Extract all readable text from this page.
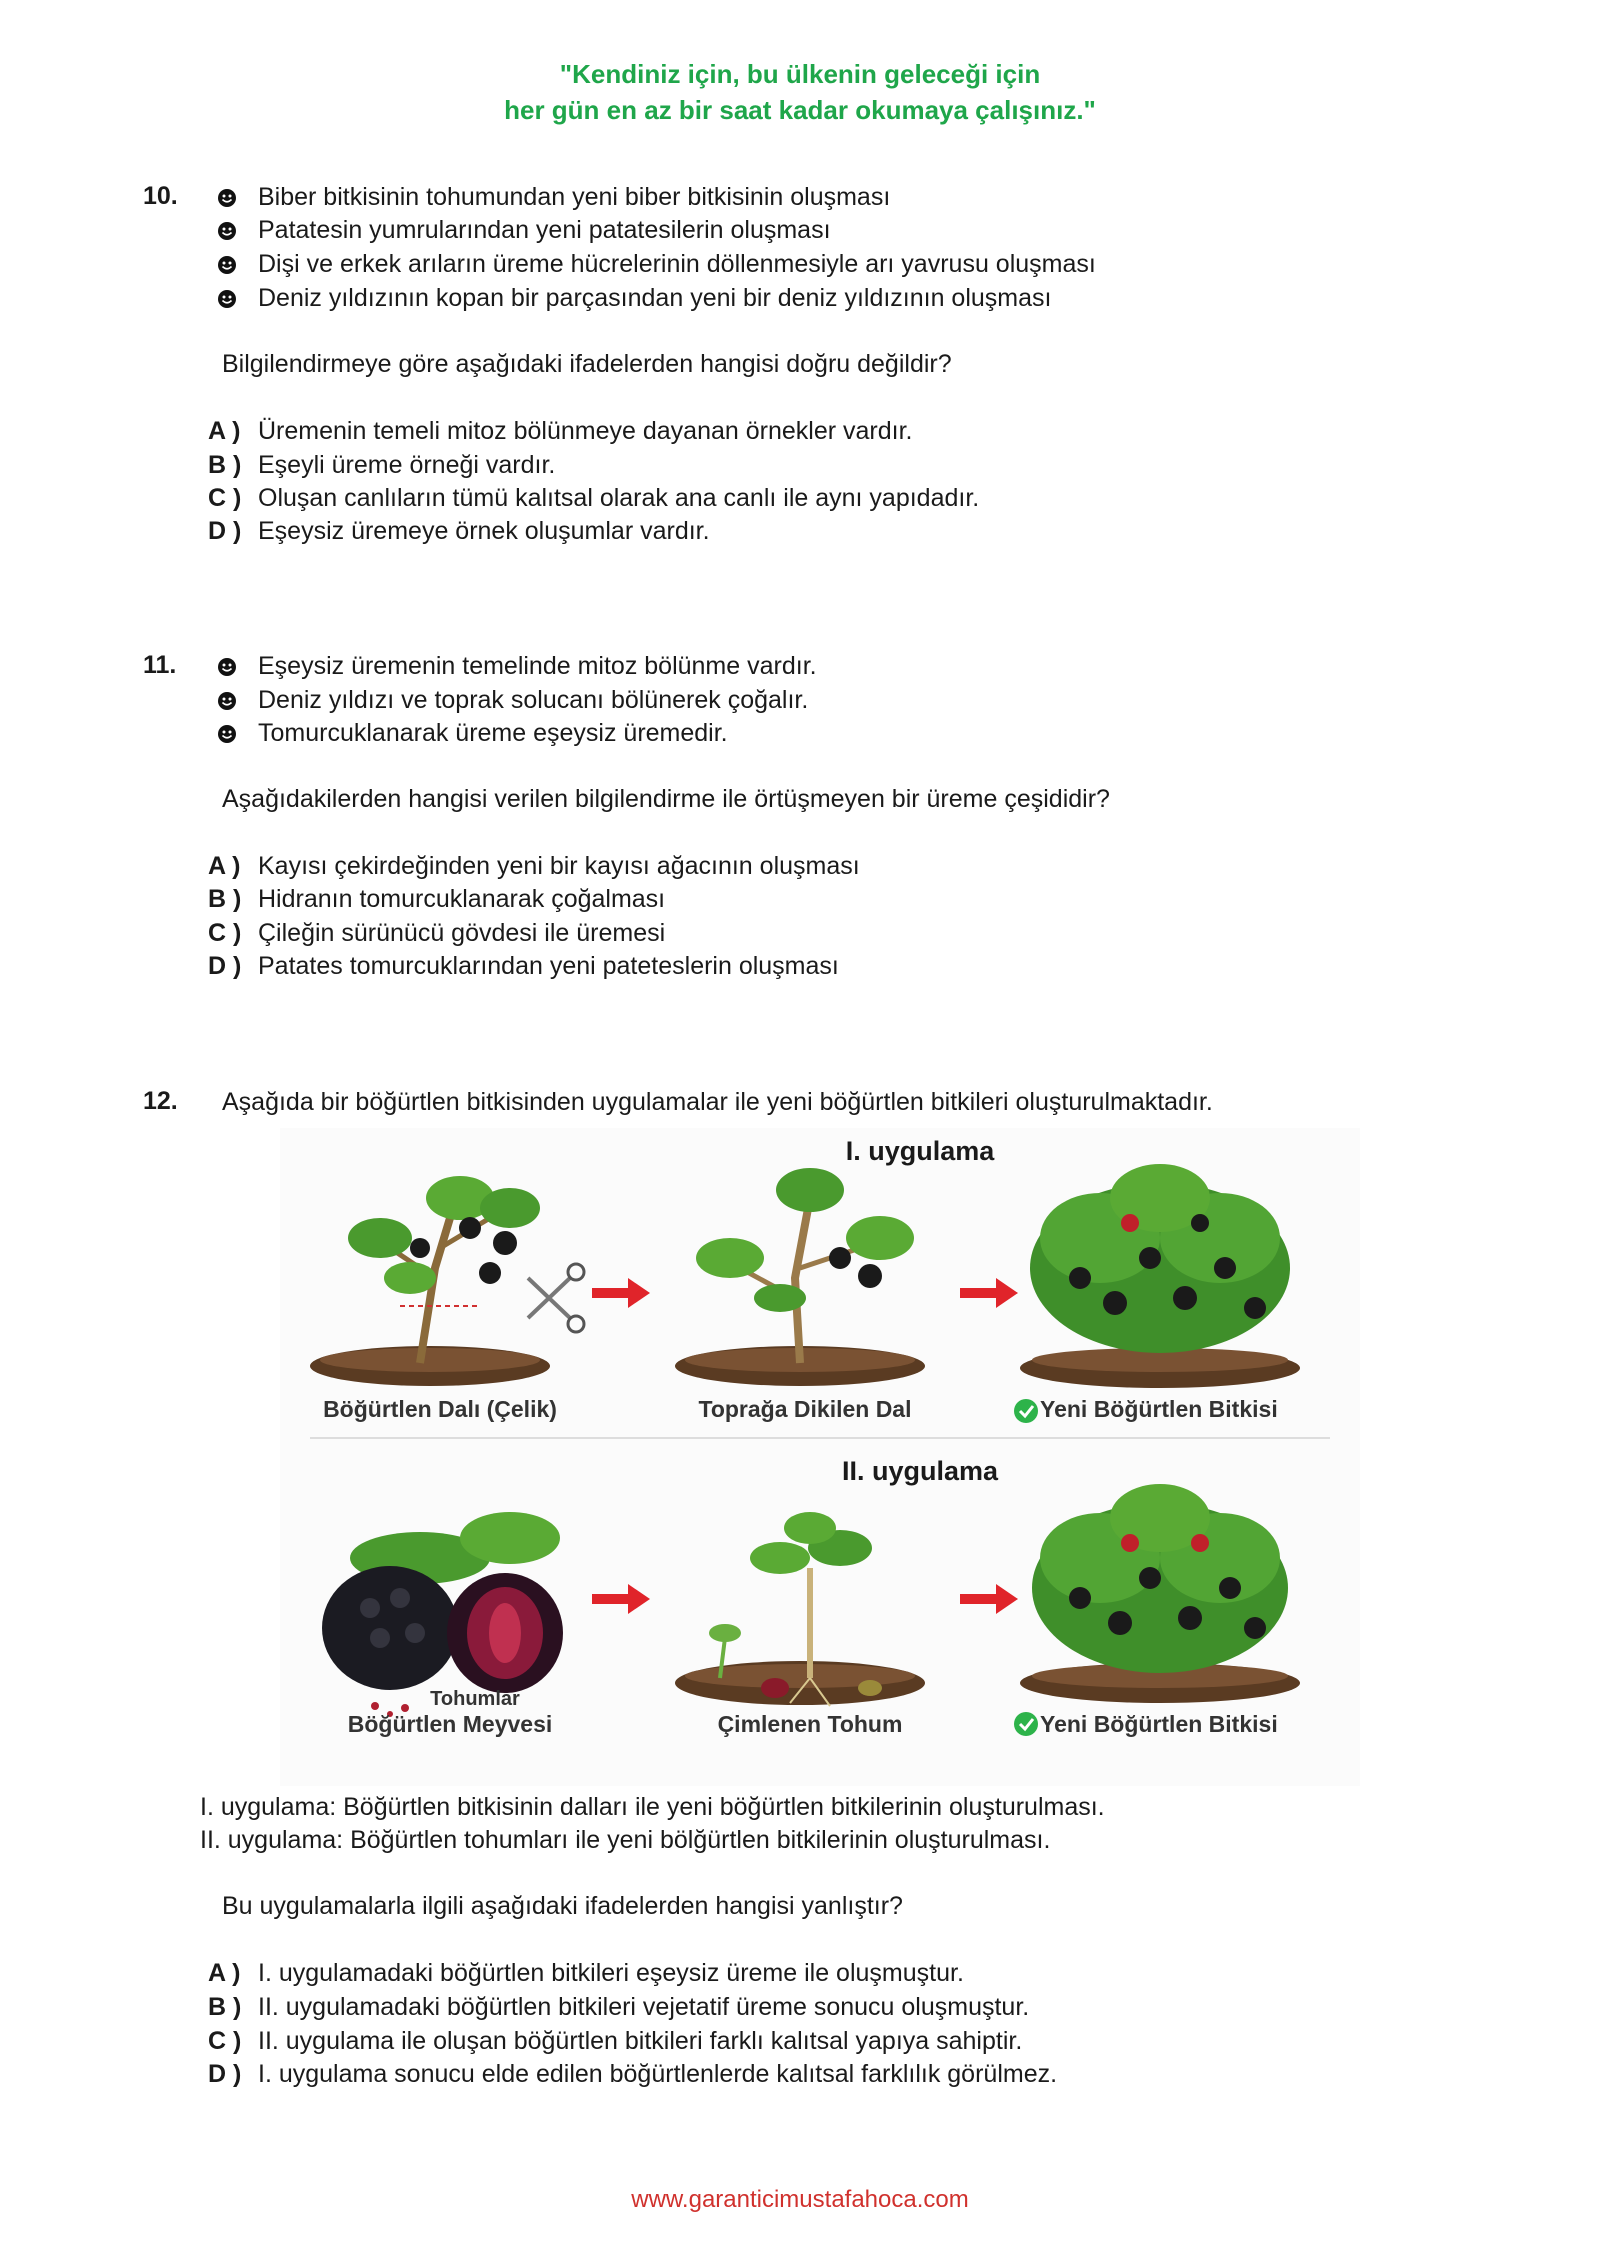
"Kendiniz için, bu ülkenin geleceği için
her gün en az bir saat kadar okumaya çalışınız."
10.	Biber bitkisinin tohumundan yeni biber bitkisinin oluşması
Patatesin yumrularından yeni patatesilerin oluşması
Dişi ve erkek arıların üreme hücrelerinin döllenmesiyle arı yavrusu oluşması
Deniz yıldızının kopan bir parçasından yeni bir deniz yıldızının oluşması
Bilgilendirmeye göre aşağıdaki ifadelerden hangisi doğru değildir?
A ) Üremenin temeli mitoz bölünmeye dayanan örnekler vardır.
B ) Eşeyli üreme örneği vardır.
C ) Oluşan canlıların tümü kalıtsal olarak ana canlı ile aynı yapıdadır.
D ) Eşeysiz üremeye örnek oluşumlar vardır.
11.	Eşeysiz üremenin temelinde mitoz bölünme vardır.
Deniz yıldızı ve toprak solucanı bölünerek çoğalır.
Tomurcuklanarak üreme eşeysiz üremedir.
Aşağıdakilerden hangisi verilen bilgilendirme ile örtüşmeyen bir üreme çeşididir?
A ) Kayısı çekirdeğinden yeni bir kayısı ağacının oluşması
B ) Hidranın tomurcuklanarak çoğalması
C ) Çileğin sürünücü gövdesi ile üremesi
D ) Patates tomurcuklarından yeni pateteslerin oluşması
12. Aşağıda bir böğürtlen bitkisinden uygulamalar ile yeni böğürtlen bitkileri oluşturulmaktadır.
I. uygulama
Böğürtlen Dalı (Çelik)	Toprağa Dikilen Dal	Yeni Böğürtlen Bitkisi
II. uygulama
Tohumlar
Böğürtlen Meyvesi	Çimlenen Tohum	Yeni Böğürtlen Bitkisi
I. uygulama: Böğürtlen bitkisinin dalları ile yeni böğürtlen bitkilerinin oluşturulması.
II. uygulama: Böğürtlen tohumları ile yeni bölğürtlen bitkilerinin oluşturulması.
Bu uygulamalarla ilgili aşağıdaki ifadelerden hangisi yanlıştır?
A ) I. uygulamadaki böğürtlen bitkileri eşeysiz üreme ile oluşmuştur.
B ) II. uygulamadaki böğürtlen bitkileri vejetatif üreme sonucu oluşmuştur.
C ) II. uygulama ile oluşan böğürtlen bitkileri farklı kalıtsal yapıya sahiptir.
D ) I. uygulama sonucu elde edilen böğürtlenlerde kalıtsal farklılık görülmez.
www.garanticimustafahoca.com
